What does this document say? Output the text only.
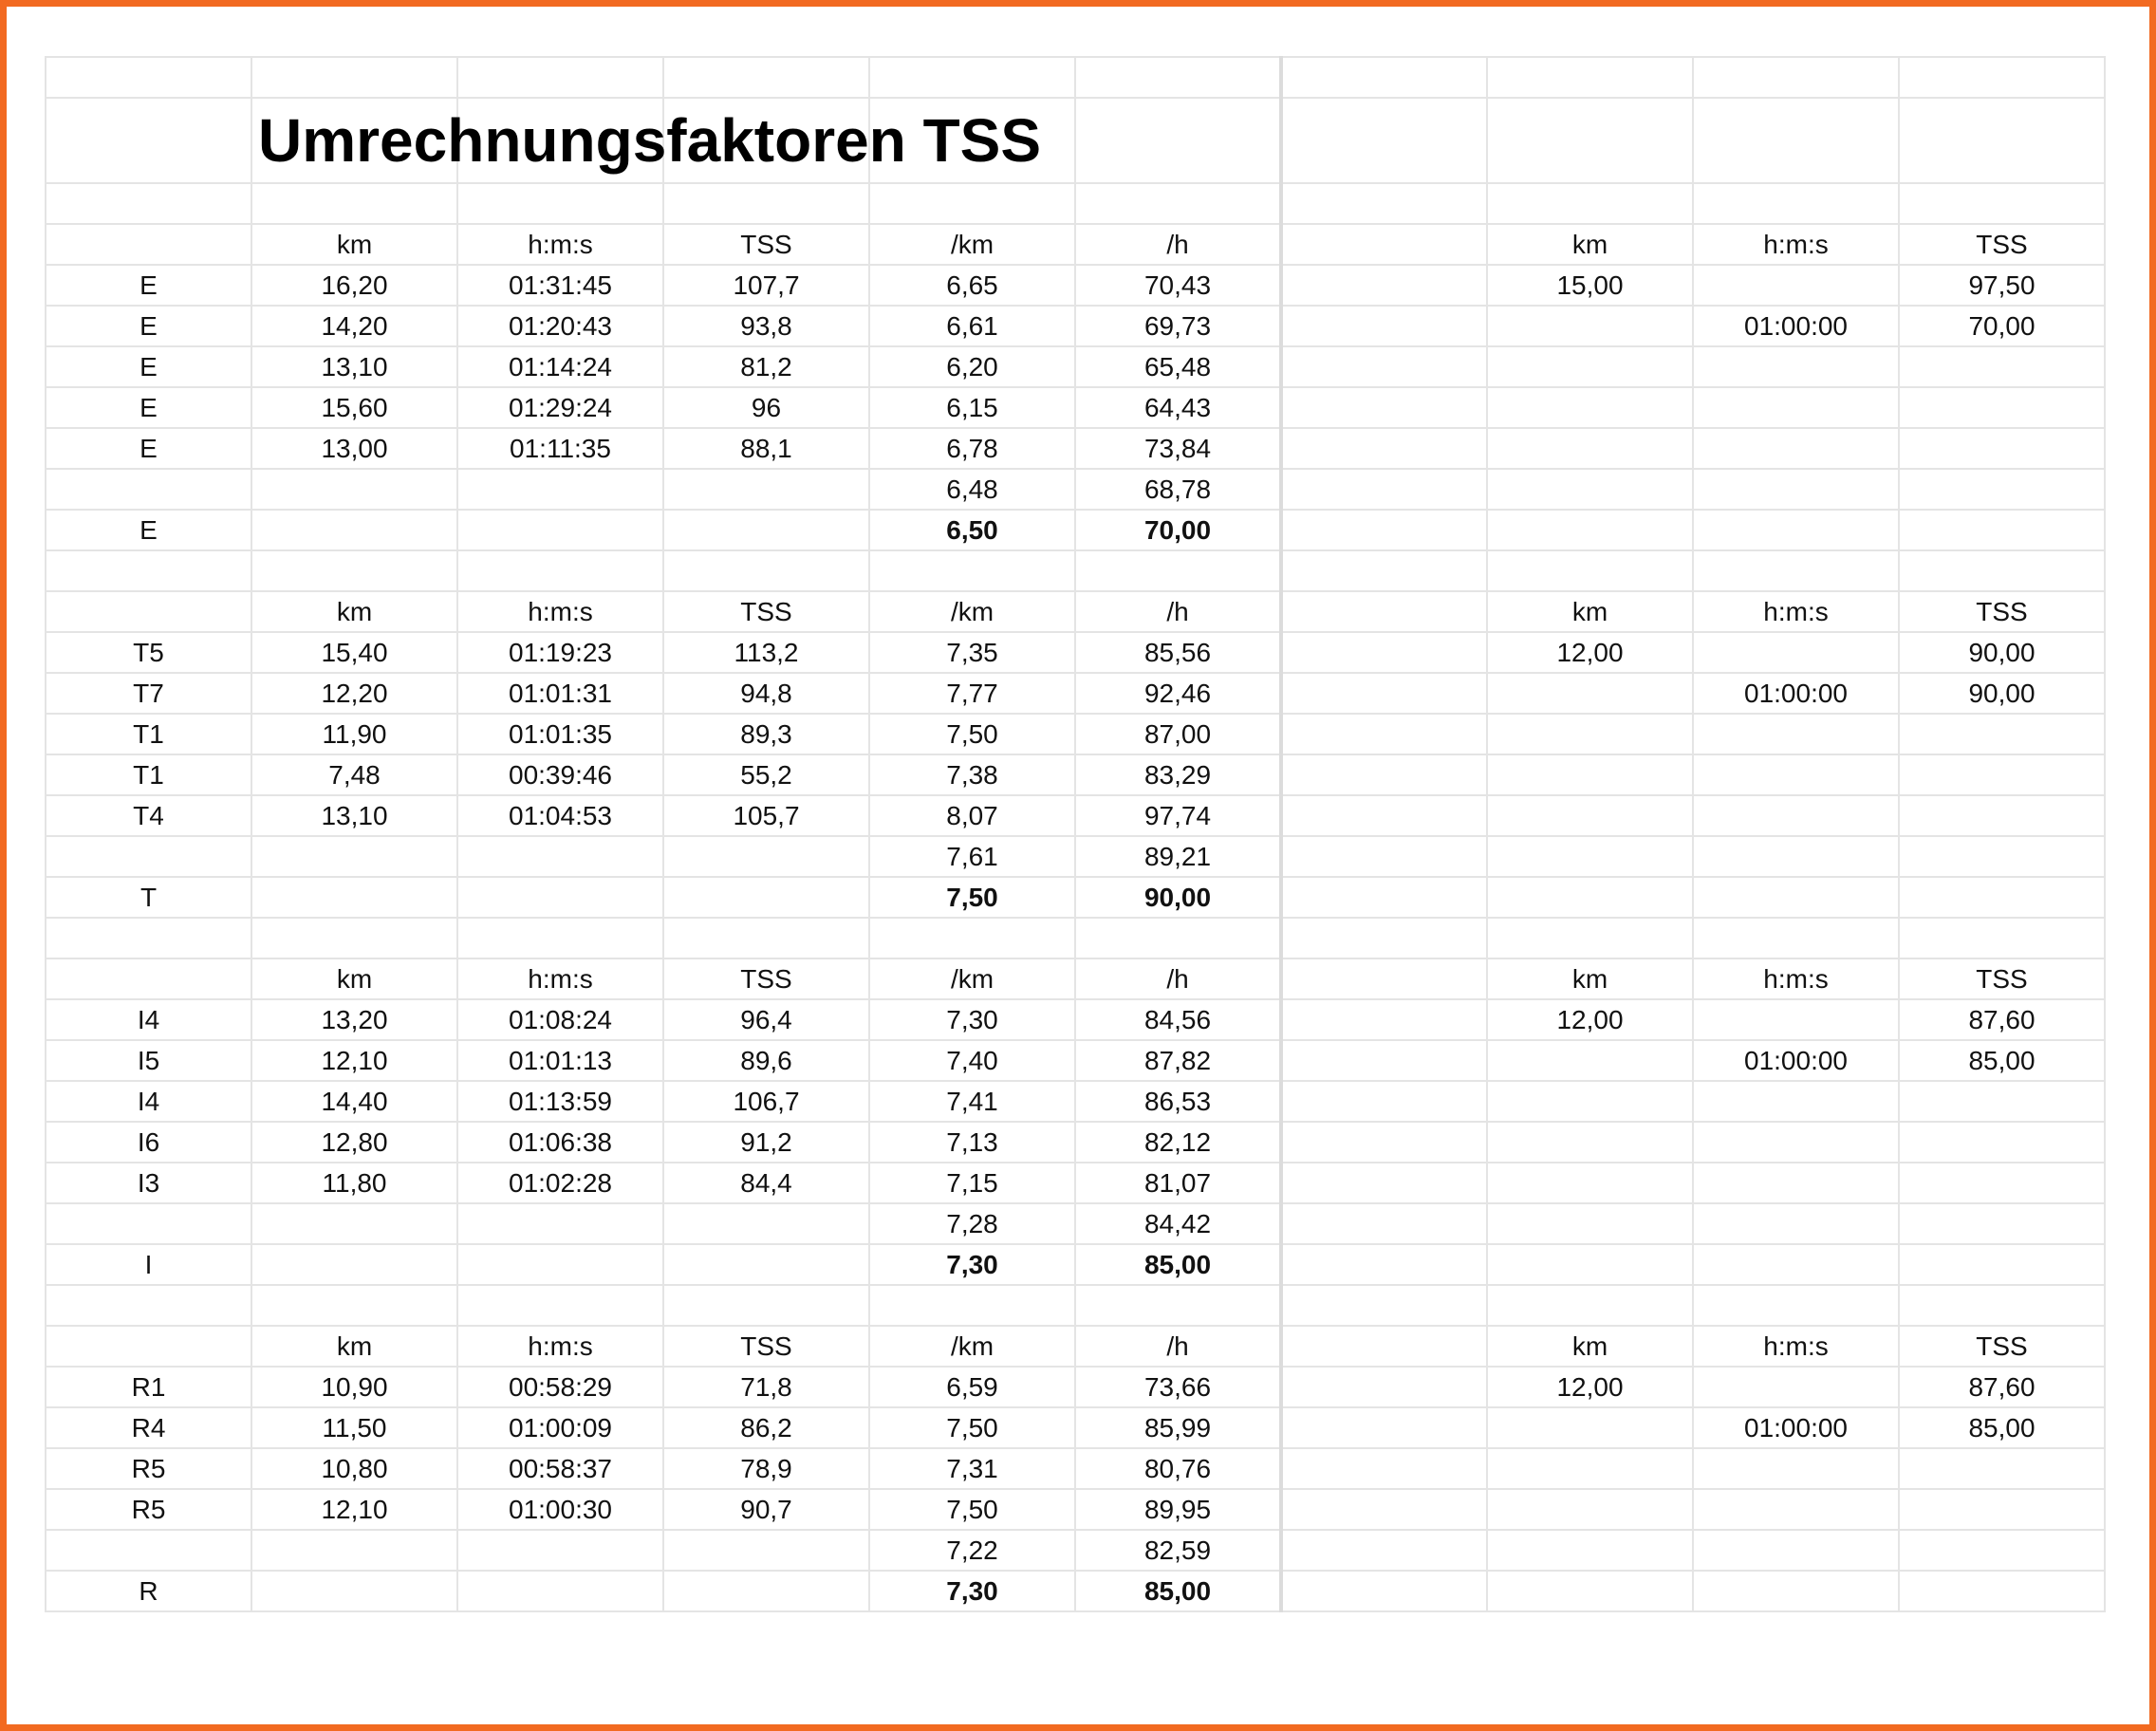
	Umrechnungsfaktoren TSS								

	km	h:m:s	TSS	/km	/h		km	h:m:s	TSS
E	16,20	01:31:45	107,7	6,65	70,43		15,00		97,50
E	14,20	01:20:43	93,8	6,61	69,73			01:00:00	70,00
E	13,10	01:14:24	81,2	6,20	65,48				
E	15,60	01:29:24	96	6,15	64,43				
E	13,00	01:11:35	88,1	6,78	73,84				
				6,48	68,78				
E				6,50	70,00				

	km	h:m:s	TSS	/km	/h		km	h:m:s	TSS
T5	15,40	01:19:23	113,2	7,35	85,56		12,00		90,00
T7	12,20	01:01:31	94,8	7,77	92,46			01:00:00	90,00
T1	11,90	01:01:35	89,3	7,50	87,00				
T1	7,48	00:39:46	55,2	7,38	83,29				
T4	13,10	01:04:53	105,7	8,07	97,74				
				7,61	89,21				
T				7,50	90,00				

	km	h:m:s	TSS	/km	/h		km	h:m:s	TSS
I4	13,20	01:08:24	96,4	7,30	84,56		12,00		87,60
I5	12,10	01:01:13	89,6	7,40	87,82			01:00:00	85,00
I4	14,40	01:13:59	106,7	7,41	86,53				
I6	12,80	01:06:38	91,2	7,13	82,12				
I3	11,80	01:02:28	84,4	7,15	81,07				
				7,28	84,42				
I				7,30	85,00				

	km	h:m:s	TSS	/km	/h		km	h:m:s	TSS
R1	10,90	00:58:29	71,8	6,59	73,66		12,00		87,60
R4	11,50	01:00:09	86,2	7,50	85,99			01:00:00	85,00
R5	10,80	00:58:37	78,9	7,31	80,76				
R5	12,10	01:00:30	90,7	7,50	89,95				
				7,22	82,59				
R				7,30	85,00				
